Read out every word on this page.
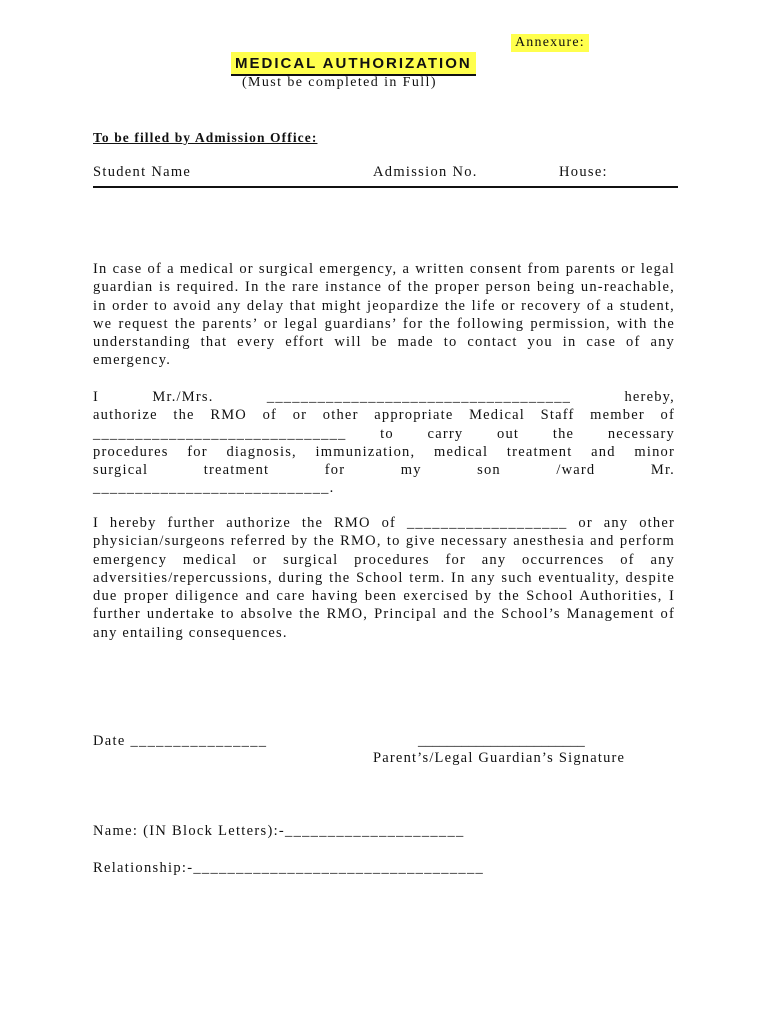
Annexure:
MEDICAL AUTHORIZATION
(Must be completed in Full)
To be filled by Admission Office:
Student Name	Admission No.	House:
In case of a medical or surgical emergency, a written consent from parents or legal guardian is required. In the rare instance of the proper person being un-reachable, in order to avoid any delay that might jeopardize the life or recovery of a student, we request the parents’ or legal guardians’ for the following permission, with the understanding that every effort will be made to contact you in case of any emergency.
I Mr./Mrs. ____________________________________ hereby,
authorize the RMO of or other appropriate Medical Staff member of
______________________________ to carry out the necessary
procedures for diagnosis, immunization, medical treatment and minor
surgical treatment for my son /ward Mr.
____________________________.
I hereby further authorize the RMO of ___________________ or any other physician/surgeons referred by the RMO, to give necessary anesthesia and perform emergency medical or surgical procedures for any occurrences of any adversities/repercussions, during the School term. In any such eventuality, despite due proper diligence and care having been exercised by the School Authorities, I further undertake to absolve the RMO, Principal and the School’s Management of any entailing consequences.
Date ________________	_______________________
Parent’s/Legal Guardian’s Signature
Name: (IN Block Letters):-_____________________
Relationship:-__________________________________
